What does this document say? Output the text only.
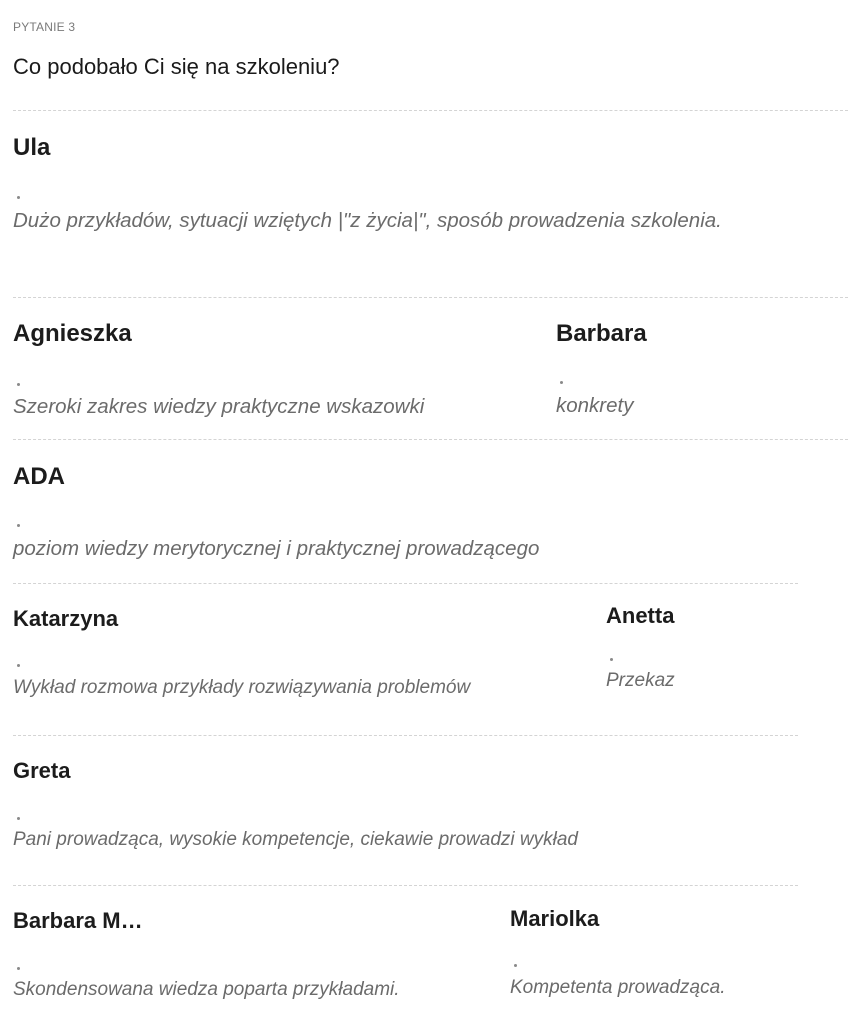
PYTANIE 3
Co podobało Ci się na szkoleniu?
Ula
Dużo przykładów, sytuacji wziętych |"z życia|", sposób prowadzenia szkolenia.
Agnieszka
Szeroki zakres wiedzy praktyczne wskazowki
Barbara
konkrety
ADA
poziom wiedzy merytorycznej i praktycznej prowadzącego
Katarzyna
Wykład rozmowa przykłady rozwiązywania problemów
Anetta
Przekaz
Greta
Pani prowadząca, wysokie kompetencje, ciekawie prowadzi wykład
Barbara M…
Skondensowana wiedza poparta przykładami.
Mariolka
Kompetenta prowadząca.
